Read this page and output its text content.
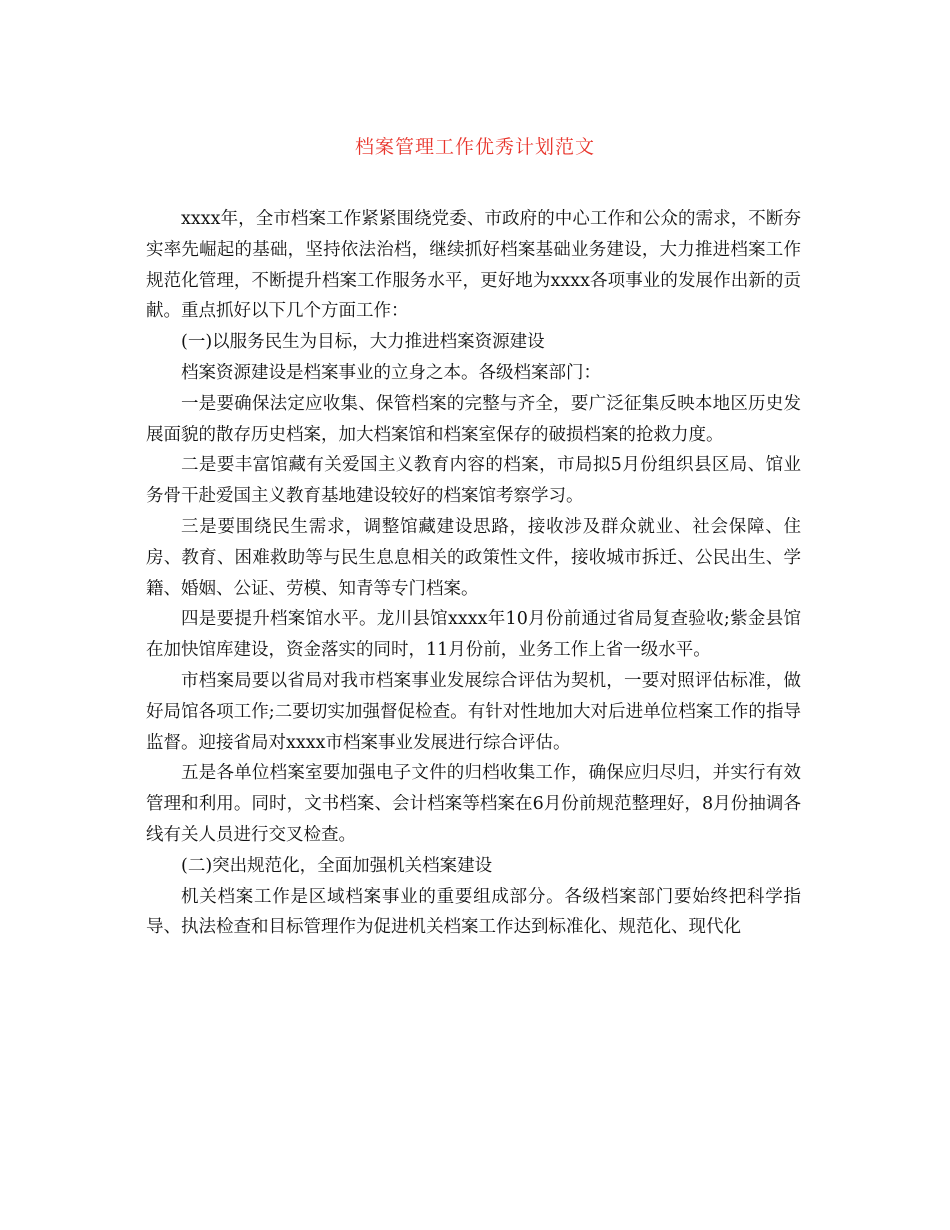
档案管理工作优秀计划范文

xxxx年，全市档案工作紧紧围绕党委、市政府的中心工作和公众的需求，不断夯实率先崛起的基础，坚持依法治档，继续抓好档案基础业务建设，大力推进档案工作规范化管理，不断提升档案工作服务水平，更好地为xxxx各项事业的发展作出新的贡献。重点抓好以下几个方面工作：

(一)以服务民生为目标，大力推进档案资源建设

档案资源建设是档案事业的立身之本。各级档案部门：

一是要确保法定应收集、保管档案的完整与齐全，要广泛征集反映本地区历史发展面貌的散存历史档案，加大档案馆和档案室保存的破损档案的抢救力度。

二是要丰富馆藏有关爱国主义教育内容的档案，市局拟5月份组织县区局、馆业务骨干赴爱国主义教育基地建设较好的档案馆考察学习。

三是要围绕民生需求，调整馆藏建设思路，接收涉及群众就业、社会保障、住房、教育、困难救助等与民生息息相关的政策性文件，接收城市拆迁、公民出生、学籍、婚姻、公证、劳模、知青等专门档案。

四是要提升档案馆水平。龙川县馆xxxx年10月份前通过省局复查验收;紫金县馆在加快馆库建设，资金落实的同时，11月份前，业务工作上省一级水平。

市档案局要以省局对我市档案事业发展综合评估为契机，一要对照评估标准，做好局馆各项工作;二要切实加强督促检查。有针对性地加大对后进单位档案工作的指导监督。迎接省局对xxxx市档案事业发展进行综合评估。

五是各单位档案室要加强电子文件的归档收集工作，确保应归尽归，并实行有效管理和利用。同时，文书档案、会计档案等档案在6月份前规范整理好，8月份抽调各线有关人员进行交叉检查。

(二)突出规范化，全面加强机关档案建设

机关档案工作是区域档案事业的重要组成部分。各级档案部门要始终把科学指导、执法检查和目标管理作为促进机关档案工作达到标准化、规范化、现代化
